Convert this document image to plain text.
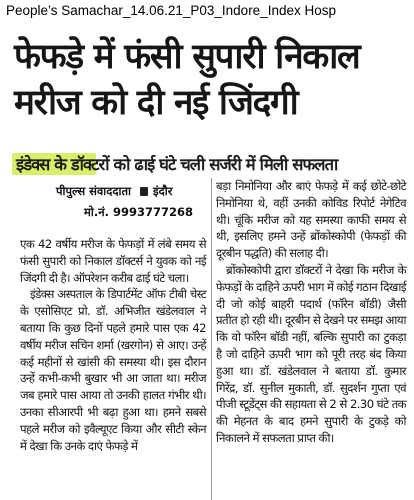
People’s Samachar_14.06.21_P03_Indore_Index Hosp
फेफड़े में फंसी सुपारी निकाल
मरीज को दी नई जिंदगी
इंडेक्स के डॉक्टरों को ढाई घंटे चली सर्जरी में मिली सफलता
पीपुल्स संवाददाता इंदौर
मो.नं. 9993777268

एक 42 वर्षीय मरीज के फेफड़ों में लंबे समय से फंसी सुपारी को निकाल डॉक्टर्स ने युवक को नई जिंदगी दी है। ऑपरेशन करीब ढाई घंटे चला।

इंडेक्स अस्पताल के डिपार्टमेंट ऑफ टीबी चेस्ट के एसोसिएट प्रो. डॉ. अभिजीत खंडेलवाल ने बताया कि कुछ दिनों पहले हमारे पास एक 42 वर्षीय मरीज सचिन शर्मा (खरगोन) से आए। उन्हें कई महीनों से खांसी की समस्या थी। इस दौरान उन्हें कभी-कभी बुखार भी आ जाता था। मरीज जब हमारे पास आया तो उनकी हालत गंभीर थी। उनका सीआरपी भी बढ़ा हुआ था। हमने सबसे पहले मरीज को इवैल्यूएट किया और सीटी स्केन में देखा कि उनके दाएं फेफड़े में

बड़ा निमोनिया और बाएं फेफड़े में कई छोटे-छोटे निमोनिया थे, वहीं उनकी कोविड रिपोर्ट नेगेटिव थी। चूंकि मरीज को यह समस्या काफी समय से थी, इसलिए हमने उन्हें ब्रोंकोस्कोपी (फेफड़ों की दूरबीन पद्धति) की सलाह दी।

ब्रोंकोस्कोपी द्वारा डॉक्टरों ने देखा कि मरीज के फेफड़ों के दाहिने ऊपरी भाग में कोई गठान दिखाई दी जो कोई बाहरी पदार्थ (फॉरेन बॉडी) जैसी प्रतीत हो रही थी। दूरबीन से देखने पर समझ आया कि वो फॉरेन बॉडी नहीं, बल्कि सुपारी का टुकड़ा है जो दाहिने ऊपरी भाग को पूरी तरह बंद किया हुआ था। डॉ. खंडेलवाल ने बताया डॉ. कुमार गिरेंद्र, डॉ. सुनील मुकाती, डॉ. सुदर्शन गुप्ता एवं पीजी स्टूडेंट्स की सहायता से 2 से 2.30 घंटे तक की मेहनत के बाद हमने सुपारी के टुकड़े को निकालने में सफलता प्राप्त की।
